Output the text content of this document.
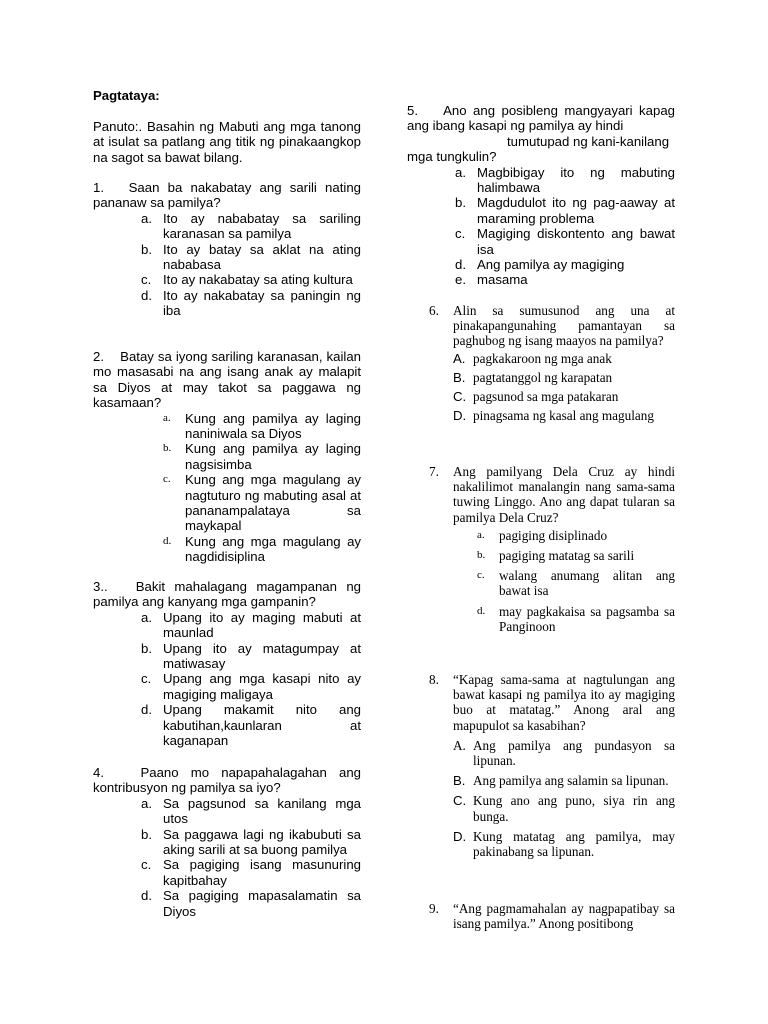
Pagtataya:
Panuto:. Basahin ng Mabuti ang mga tanong at isulat sa patlang ang titik ng pinakaangkop na sagot sa bawat bilang.
1. Saan ba nakabatay ang sarili nating pananaw sa pamilya?
a. Ito ay nababatay sa sariling karanasan sa pamilya
b. Ito ay batay sa aklat na ating nababasa
c. Ito ay nakabatay sa ating kultura
d. Ito ay nakabatay sa paningin ng iba
2. Batay sa iyong sariling karanasan, kailan mo masasabi na ang isang anak ay malapit sa Diyos at may takot sa paggawa ng kasamaan?
a. Kung ang pamilya ay laging naniniwala sa Diyos
b. Kung ang pamilya ay laging nagsisimba
c. Kung ang mga magulang ay nagtuturo ng mabuting asal at pananampalataya sa maykapal
d. Kung ang mga magulang ay nagdidisiplina
3.. Bakit mahalagang magampanan ng pamilya ang kanyang mga gampanin?
a. Upang ito ay maging mabuti at maunlad
b. Upang ito ay matagumpay at matiwasay
c. Upang ang mga kasapi nito ay magiging maligaya
d. Upang makamit nito ang kabutihan,kaunlaran at kaganapan
4.	Paano mo napapahalagahan ang kontribusyon ng pamilya sa iyo?
a. Sa pagsunod sa kanilang mga utos
b. Sa paggawa lagi ng ikabubuti sa aking sarili at sa buong pamilya
c. Sa pagiging isang masunuring kapitbahay
d. Sa pagiging mapasalamatin sa Diyos
5. Ano ang posibleng mangyayari kapag ang ibang kasapi ng pamilya ay hindi
tumutupad ng kani-kanilang
mga tungkulin?
a. Magbibigay ito ng mabuting halimbawa
b. Magdudulot ito ng pag-aaway at maraming problema
c. Magiging diskontento ang bawat isa
d. Ang pamilya ay magiging
e. masama
6. Alin sa sumusunod ang una at pinakapangunahing pamantayan sa paghubog ng isang maayos na pamilya?
A. pagkakaroon ng mga anak
B. pagtatanggol ng karapatan
C. pagsunod sa mga patakaran
D. pinagsama ng kasal ang magulang
7. Ang pamilyang Dela Cruz ay hindi nakalilimot manalangin nang sama-sama tuwing Linggo. Ano ang dapat tularan sa pamilya Dela Cruz?
a. pagiging disiplinado
b. pagiging matatag sa sarili
c. walang anumang alitan ang bawat isa
d. may pagkakaisa sa pagsamba sa Panginoon
8. “Kapag sama-sama at nagtulungan ang bawat kasapi ng pamilya ito ay magiging buo at matatag.” Anong aral ang mapupulot sa kasabihan?
A. Ang pamilya ang pundasyon sa lipunan.
B. Ang pamilya ang salamin sa lipunan.
C. Kung ano ang puno, siya rin ang bunga.
D. Kung matatag ang pamilya, may pakinabang sa lipunan.
9. “Ang pagmamahalan ay nagpapatibay sa isang pamilya.” Anong positibong
